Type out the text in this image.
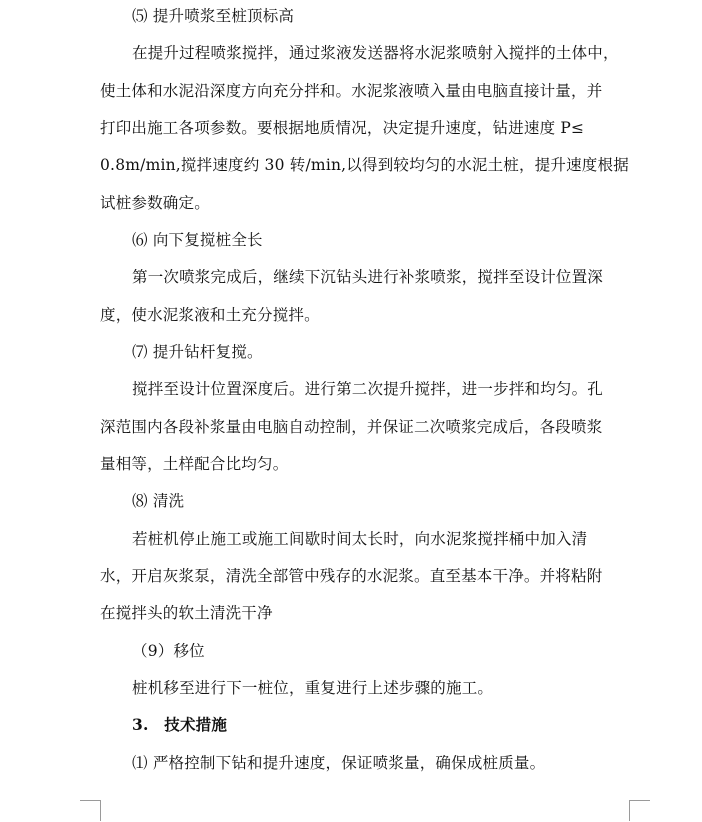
⑸ 提升喷浆至桩顶标高
在提升过程喷浆搅拌，通过浆液发送器将水泥浆喷射入搅拌的土体中，
使土体和水泥沿深度方向充分拌和。水泥浆液喷入量由电脑直接计量，并
打印出施工各项参数。要根据地质情况，决定提升速度，钻进速度 P≤
0.8m/min,搅拌速度约 30 转/min,以得到较均匀的水泥土桩，提升速度根据
试桩参数确定。
⑹ 向下复搅桩全长
第一次喷浆完成后，继续下沉钻头进行补浆喷浆，搅拌至设计位置深
度，使水泥浆液和土充分搅拌。
⑺ 提升钻杆复搅。
搅拌至设计位置深度后。进行第二次提升搅拌，进一步拌和均匀。孔
深范围内各段补浆量由电脑自动控制，并保证二次喷浆完成后，各段喷浆
量相等，土样配合比均匀。
⑻ 清洗
若桩机停止施工或施工间歇时间太长时，向水泥浆搅拌桶中加入清
水，开启灰浆泵，清洗全部管中残存的水泥浆。直至基本干净。并将粘附
在搅拌头的软土清洗干净
（9）移位
桩机移至进行下一桩位，重复进行上述步骤的施工。
3.　技术措施
⑴ 严格控制下钻和提升速度，保证喷浆量，确保成桩质量。
